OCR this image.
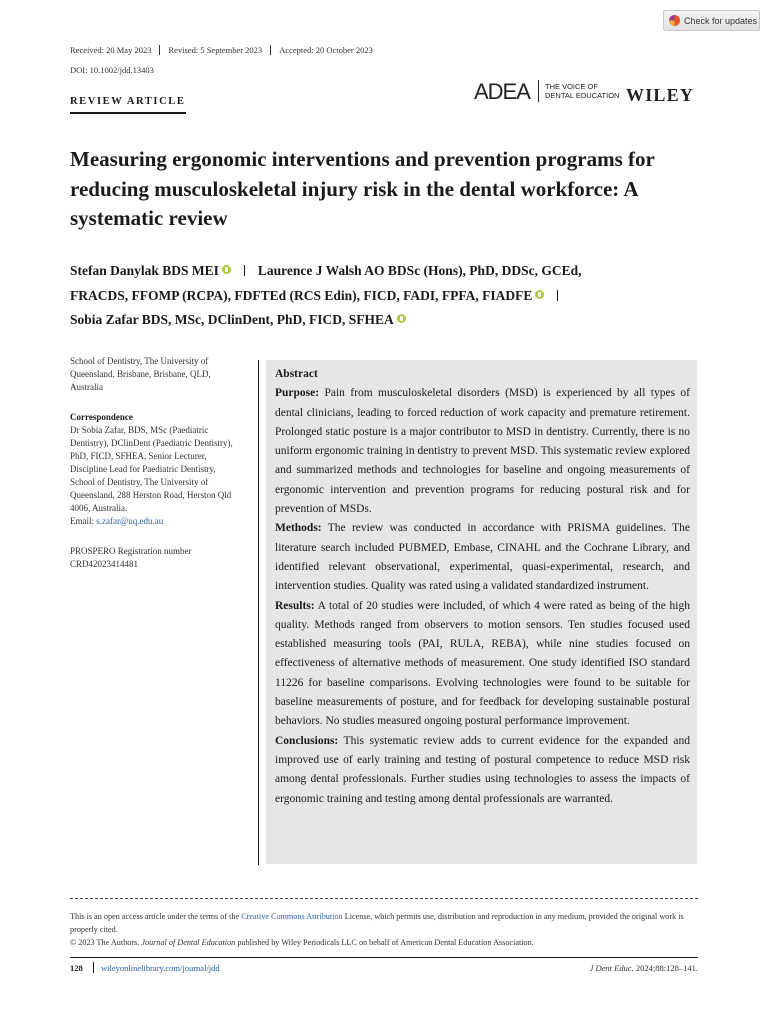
Check for updates
Received: 20 May 2023	Revised: 5 September 2023	Accepted: 20 October 2023
DOI: 10.1002/jdd.13403
REVIEW ARTICLE	ADEA THE VOICE OF
DENTAL EDUCATION WILEY
Measuring ergonomic interventions and prevention programs for reducing musculoskeletal injury risk in the dental workforce: A systematic review
Stefan Danylak BDS MEI	Laurence J Walsh AO BDSc (Hons), PhD, DDSc, GCEd,
FRACDS, FFOMP (RCPA), FDFTEd (RCS Edin), FICD, FADI, FPFA, FIADFE
Sobia Zafar BDS, MSc, DClinDent, PhD, FICD, SFHEA

School of Dentistry, The University of Queensland, Brisbane, Brisbane, QLD, Australia

Correspondence
Dr Sobia Zafar, BDS, MSc (Paediatric Dentistry), DClinDent (Paediatric Dentistry), PhD, FICD, SFHEA, Senior Lecturer, Discipline Lead for Paediatric Dentistry, School of Dentistry, The University of Queensland, 288 Herston Road, Herston Qld 4006, Australia.
Email: s.zafar@uq.edu.au

PROSPERO Registration number
CRD42023414481

Abstract

Purpose: Pain from musculoskeletal disorders (MSD) is experienced by all types of dental clinicians, leading to forced reduction of work capacity and premature retirement. Prolonged static posture is a major contributor to MSD in dentistry. Currently, there is no uniform ergonomic training in dentistry to prevent MSD. This systematic review explored and summarized methods and technologies for baseline and ongoing measurements of ergonomic intervention and prevention programs for reducing postural risk and for prevention of MSDs.

Methods: The review was conducted in accordance with PRISMA guidelines. The literature search included PUBMED, Embase, CINAHL and the Cochrane Library, and identified relevant observational, experimental, quasi-experimental, research, and intervention studies. Quality was rated using a validated standardized instrument.

Results: A total of 20 studies were included, of which 4 were rated as being of the high quality. Methods ranged from observers to motion sensors. Ten studies focused used established measuring tools (PAI, RULA, REBA), while nine studies focused on effectiveness of alternative methods of measurement. One study identified ISO standard 11226 for baseline comparisons. Evolving technologies were found to be suitable for baseline measurements of posture, and for feedback for developing sustainable postural behaviors. No studies measured ongoing postural performance improvement.

Conclusions: This systematic review adds to current evidence for the expanded and improved use of early training and testing of postural competence to reduce MSD risk among dental professionals. Further studies using technologies to assess the impacts of ergonomic training and testing among dental professionals are warranted.

This is an open access article under the terms of the Creative Commons Attribution License, which permits use, distribution and reproduction in any medium, provided the original work is properly cited.
© 2023 The Authors. Journal of Dental Education published by Wiley Periodicals LLC on behalf of American Dental Education Association.
128 wileyonlinelibrary.com/journal/jdd	J Dent Educ. 2024;88:128–141.
